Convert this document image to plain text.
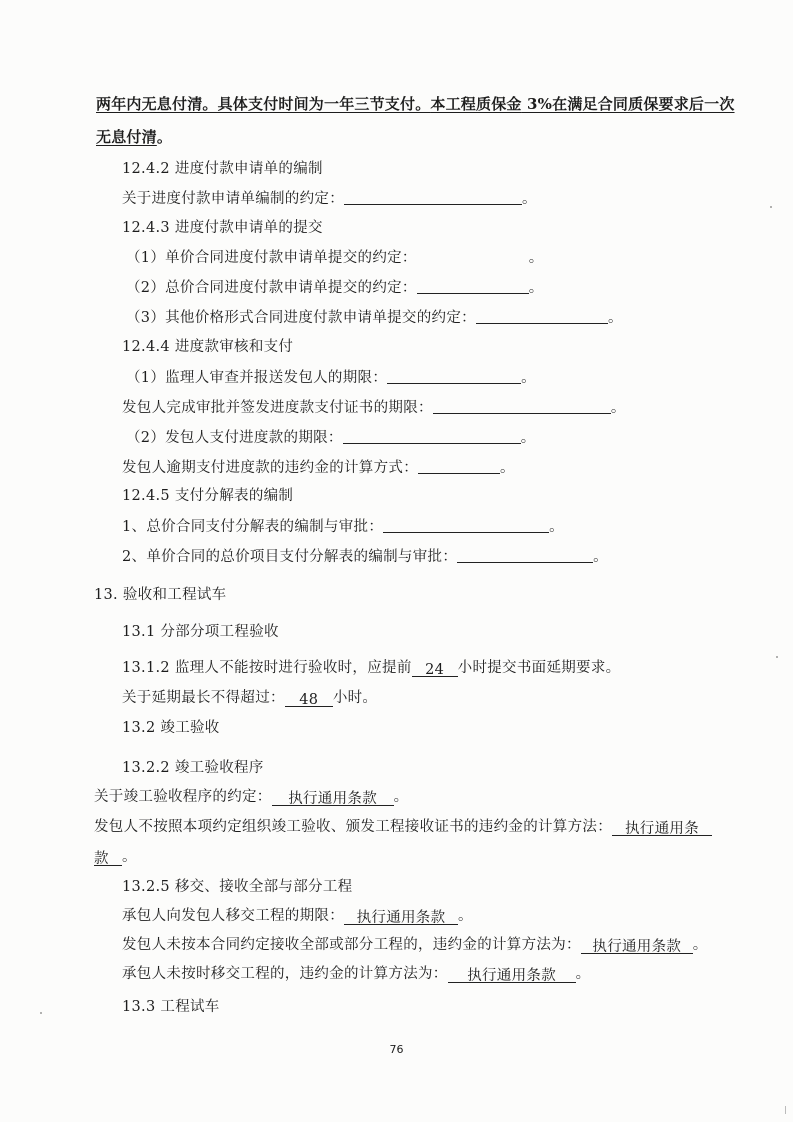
两年内无息付清。具体支付时间为一年三节支付。本工程质保金 3%在满足合同质保要求后一次
无息付清。
12.4.2 进度付款申请单的编制
关于进度付款申请单编制的约定：	。
12.4.3 进度付款申请单的提交
（1）单价合同进度付款申请单提交的约定：	。
（2）总价合同进度付款申请单提交的约定：	。
（3）其他价格形式合同进度付款申请单提交的约定：	。
12.4.4 进度款审核和支付
（1）监理人审查并报送发包人的期限：	。
发包人完成审批并签发进度款支付证书的期限：	。
（2）发包人支付进度款的期限：	。
发包人逾期支付进度款的违约金的计算方式：	。
12.4.5 支付分解表的编制
1、总价合同支付分解表的编制与审批：	。
2、单价合同的总价项目支付分解表的编制与审批：	。
13. 验收和工程试车
13.1 分部分项工程验收
13.1.2 监理人不能按时进行验收时，应提前 24 小时提交书面延期要求。
关于延期最长不得超过： 48 小时。
13.2 竣工验收
13.2.2 竣工验收程序
关于竣工验收程序的约定： 执行通用条款 。
发包人不按照本项约定组织竣工验收、颁发工程接收证书的违约金的计算方法： 执行通用条
款 。
13.2.5 移交、接收全部与部分工程
承包人向发包人移交工程的期限： 执行通用条款 。
发包人未按本合同约定接收全部或部分工程的，违约金的计算方法为： 执行通用条款 。
承包人未按时移交工程的，违约金的计算方法为： 执行通用条款 。
13.3 工程试车
76
